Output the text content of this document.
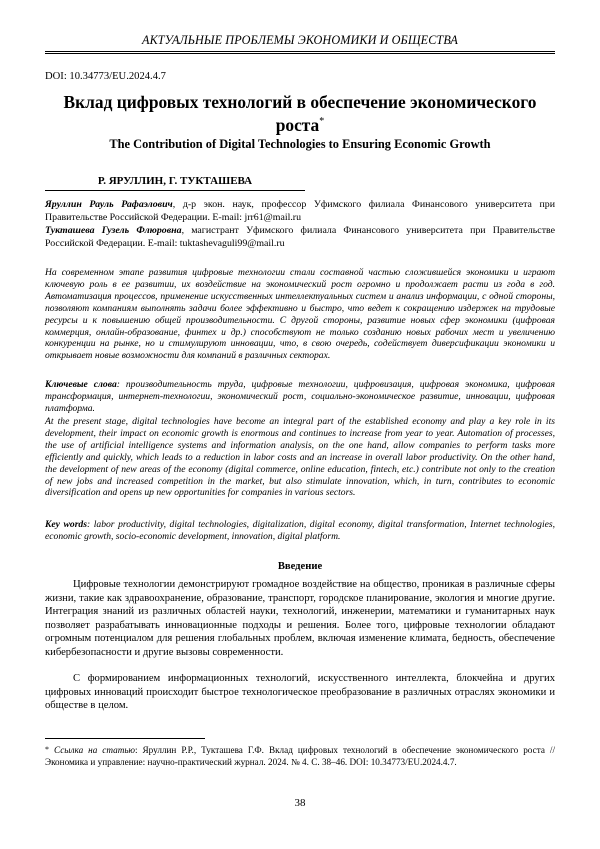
АКТУАЛЬНЫЕ ПРОБЛЕМЫ ЭКОНОМИКИ И ОБЩЕСТВА
DOI: 10.34773/EU.2024.4.7
Вклад цифровых технологий в обеспечение экономического роста*
The Contribution of Digital Technologies to Ensuring Economic Growth
Р. ЯРУЛЛИН, Г. ТУКТАШЕВА
Яруллин Рауль Рафаэлович, д-р экон. наук, профессор Уфимского филиала Финансового университета при Правительстве Российской Федерации. E-mail: jrr61@mail.ru
Тукташева Гузель Флюровна, магистрант Уфимского филиала Финансового университета при Правительстве Российской Федерации. E-mail: tuktashevaguli99@mail.ru

На современном этапе развития цифровые технологии стали составной частью сложившейся экономики и играют ключевую роль в ее развитии, их воздействие на экономический рост огромно и продолжает расти из года в год. Автоматизация процессов, применение искусственных интеллектуальных систем и анализ информации, с одной стороны, позволяют компаниям выполнять задачи более эффективно и быстро, что ведет к сокращению издержек на трудовые ресурсы и к повышению общей производительности. С другой стороны, развитие новых сфер экономики (цифровая коммерция, онлайн-образование, финтех и др.) способствуют не только созданию новых рабочих мест и увеличению конкуренции на рынке, но и стимулируют инновации, что, в свою очередь, содействует диверсификации экономики и открывает новые возможности для компаний в различных секторах.

Ключевые слова: производительность труда, цифровые технологии, цифровизация, цифровая экономика, цифровая трансформация, интернет-технологии, экономический рост, социально-экономическое развитие, инновации, цифровая платформа.

At the present stage, digital technologies have become an integral part of the established economy and play a key role in its development, their impact on economic growth is enormous and continues to increase from year to year. Automation of processes, the use of artificial intelligence systems and information analysis, on the one hand, allow companies to perform tasks more efficiently and quickly, which leads to a reduction in labor costs and an increase in overall labor productivity. On the other hand, the development of new areas of the economy (digital commerce, online education, fintech, etc.) contribute not only to the creation of new jobs and increased competition in the market, but also stimulate innovation, which, in turn, contributes to economic diversification and opens up new opportunities for companies in various sectors.

Key words: labor productivity, digital technologies, digitalization, digital economy, digital transformation, Internet technologies, economic growth, socio-economic development, innovation, digital platform.

Введение

Цифровые технологии демонстрируют громадное воздействие на общество, проникая в различные сферы жизни, такие как здравоохранение, образование, транспорт, городское планирование, экология и многие другие. Интеграция знаний из различных областей науки, технологий, инженерии, математики и гуманитарных наук позволяет разрабатывать инновационные подходы и решения. Более того, цифровые технологии обладают огромным потенциалом для решения глобальных проблем, включая изменение климата, бедность, обеспечение кибербезопасности и другие вызовы современности.

С формированием информационных технологий, искусственного интеллекта, блокчейна и других цифровых инноваций происходит быстрое технологическое преобразование в различных отраслях экономики и обществе в целом.

* Ссылка на статью: Яруллин Р.Р., Тукташева Г.Ф. Вклад цифровых технологий в обеспечение экономического роста // Экономика и управление: научно-практический журнал. 2024. № 4. С. 38–46. DOI: 10.34773/EU.2024.4.7.
38
